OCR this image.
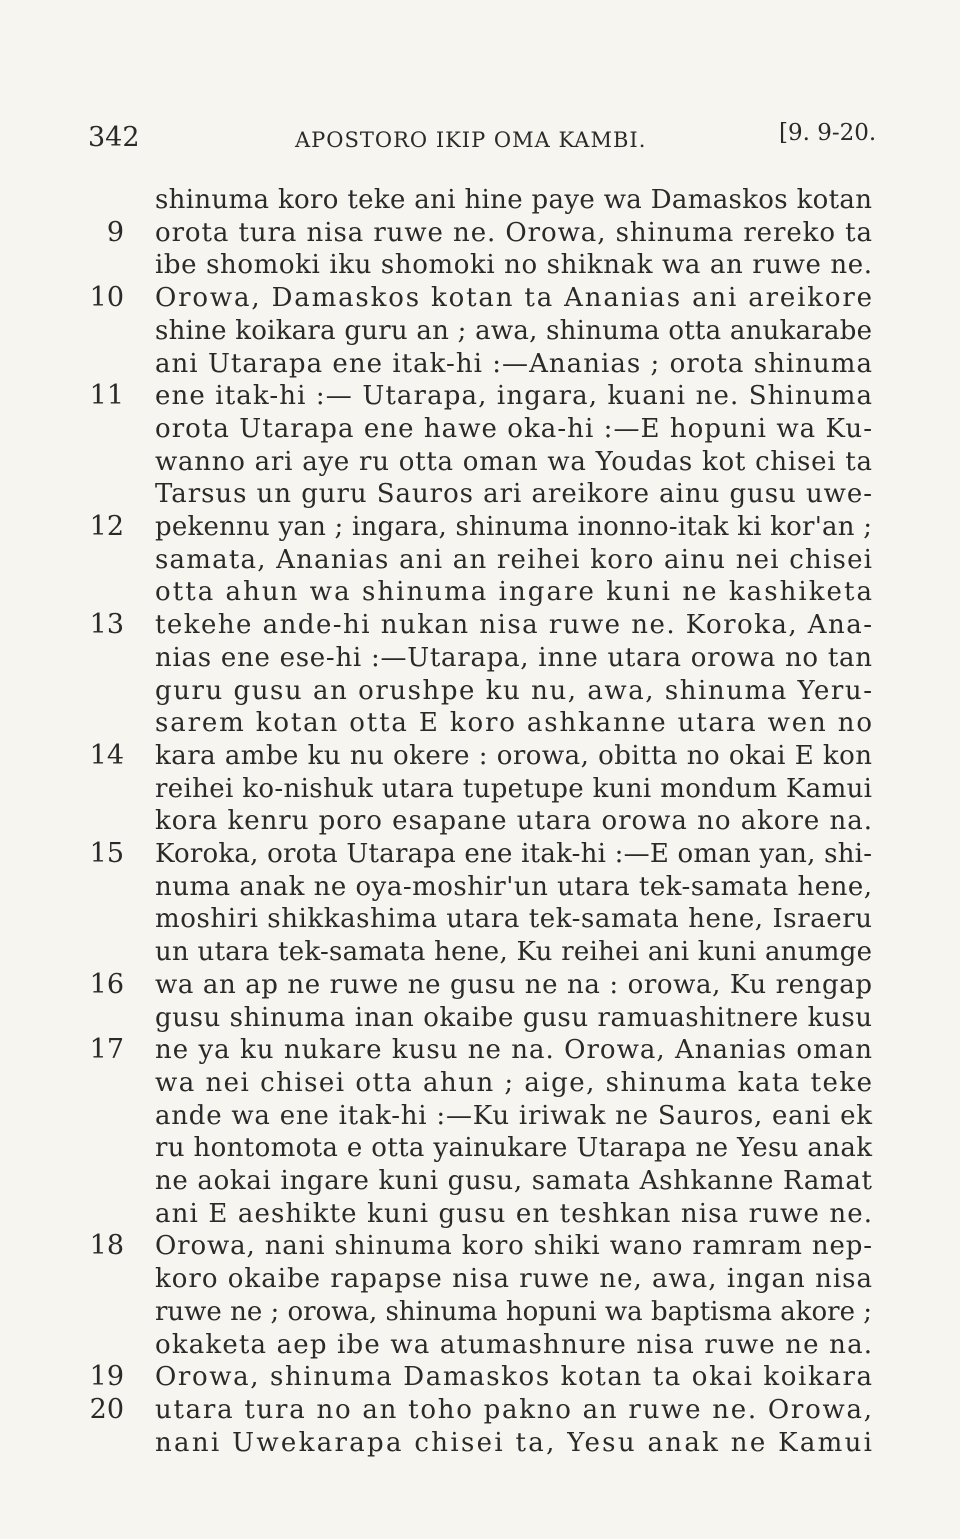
342	APOSTORO IKIP OMA KAMBI.	[9. 9-20.
shinuma koro teke ani hine paye wa Damaskos kotan
9 orota tura nisa ruwe ne. Orowa, shinuma rereko ta
ibe shomoki iku shomoki no shiknak wa an ruwe ne.
10 Orowa, Damaskos kotan ta Ananias ani areikore
shine koikara guru an ; awa, shinuma otta anukarabe
ani Utarapa ene itak-hi :—Ananias ; orota shinuma
11 ene itak-hi :— Utarapa, ingara, kuani ne. Shinuma
orota Utarapa ene hawe oka-hi :—E hopuni wa Ku-
wanno ari aye ru otta oman wa Youdas kot chisei ta
Tarsus un guru Sauros ari areikore ainu gusu uwe-
12 pekennu yan ; ingara, shinuma inonno-itak ki kor'an ;
samata, Ananias ani an reihei koro ainu nei chisei
otta ahun wa shinuma ingare kuni ne kashiketa
13 tekehe ande-hi nukan nisa ruwe ne. Koroka, Ana-
nias ene ese-hi :—Utarapa, inne utara orowa no tan
guru gusu an orushpe ku nu, awa, shinuma Yeru-
sarem kotan otta E koro ashkanne utara wen no
14 kara ambe ku nu okere : orowa, obitta no okai E kon
reihei ko-nishuk utara tupetupe kuni mondum Kamui
kora kenru poro esapane utara orowa no akore na.
15 Koroka, orota Utarapa ene itak-hi :—E oman yan, shi-
numa anak ne oya-moshir'un utara tek-samata hene,
moshiri shikkashima utara tek-samata hene, Israeru
un utara tek-samata hene, Ku reihei ani kuni anumge
16 wa an ap ne ruwe ne gusu ne na : orowa, Ku rengap
gusu shinuma inan okaibe gusu ramuashitnere kusu
17 ne ya ku nukare kusu ne na. Orowa, Ananias oman
wa nei chisei otta ahun ; aige, shinuma kata teke
ande wa ene itak-hi :—Ku iriwak ne Sauros, eani ek
ru hontomota e otta yainukare Utarapa ne Yesu anak
ne aokai ingare kuni gusu, samata Ashkanne Ramat
ani E aeshikte kuni gusu en teshkan nisa ruwe ne.
18 Orowa, nani shinuma koro shiki wano ramram nep-
koro okaibe rapapse nisa ruwe ne, awa, ingan nisa
ruwe ne ; orowa, shinuma hopuni wa baptisma akore ;
okaketa aep ibe wa atumashnure nisa ruwe ne na.
19 Orowa, shinuma Damaskos kotan ta okai koikara
20 utara tura no an toho pakno an ruwe ne. Orowa,
nani Uwekarapa chisei ta, Yesu anak ne Kamui
